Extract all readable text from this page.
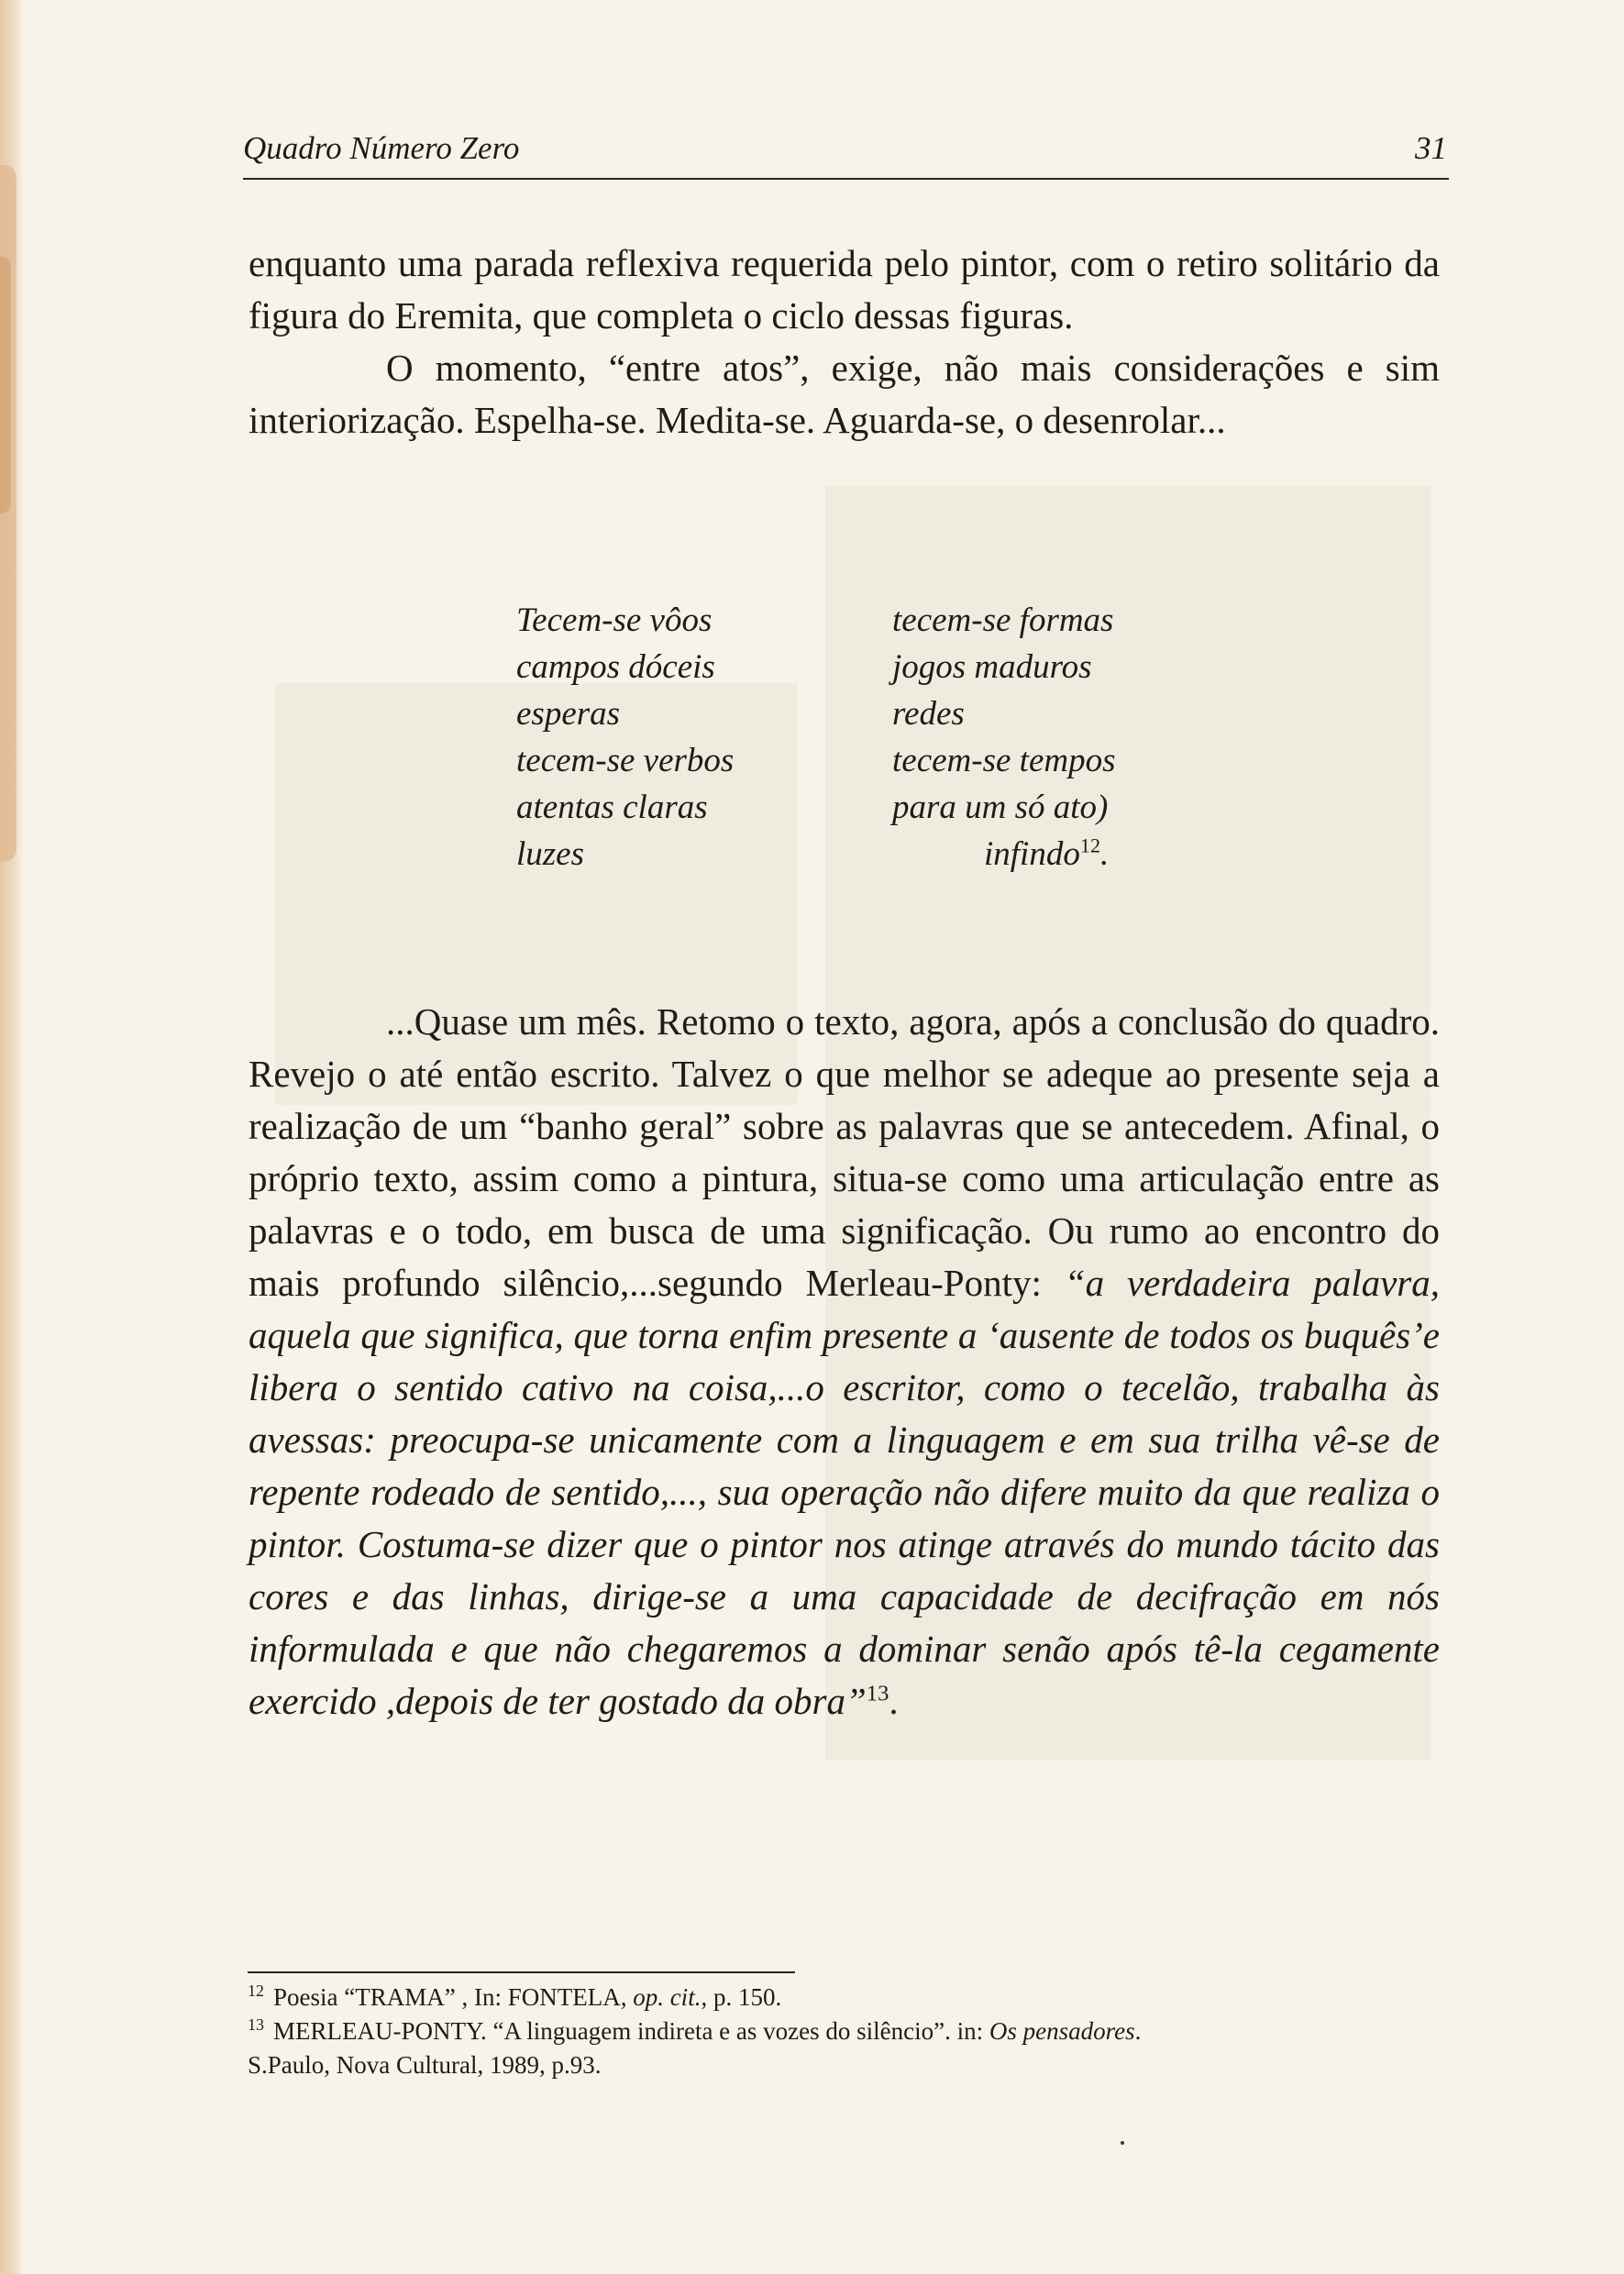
Quadro Número Zero	31

enquanto uma parada reflexiva requerida pelo pintor, com o retiro solitário da figura do Eremita, que completa o ciclo dessas figuras.
O momento, “entre atos”, exige, não mais considerações e sim interiorização. Espelha-se. Medita-se. Aguarda-se, o desenrolar...

Tecem-se vôos
campos dóceis
esperas
tecem-se verbos
atentas claras
luzes
tecem-se formas
jogos maduros
redes
tecem-se tempos
para um só ato)
infindo$^{12}$.

...Quase um mês. Retomo o texto, agora, após a conclusão do quadro. Revejo o até então escrito. Talvez o que melhor se adeque ao presente seja a realização de um “banho geral” sobre as palavras que se antecedem. Afinal, o próprio texto, assim como a pintura, situa-se como uma articulação entre as palavras e o todo, em busca de uma significação. Ou rumo ao encontro do mais profundo silêncio,...segundo Merleau-Ponty: “a verdadeira palavra, aquela que significa, que torna enfim presente a ‘ausente de todos os buquês’e libera o sentido cativo na coisa,...o escritor, como o tecelão, trabalha às avessas: preocupa-se unicamente com a linguagem e em sua trilha vê-se de repente rodeado de sentido,..., sua operação não difere muito da que realiza o pintor. Costuma-se dizer que o pintor nos atinge através do mundo tácito das cores e das linhas, dirige-se a uma capacidade de decifração em nós informulada e que não chegaremos a dominar senão após tê-la cegamente exercido ,depois de ter gostado da obra”$^{13}$.

$^{12}$ Poesia “TRAMA” , In: FONTELA, op. cit., p. 150.

$^{13}$ MERLEAU-PONTY. “A linguagem indireta e as vozes do silêncio”. in: Os pensadores.
S.Paulo, Nova Cultural, 1989, p.93.
